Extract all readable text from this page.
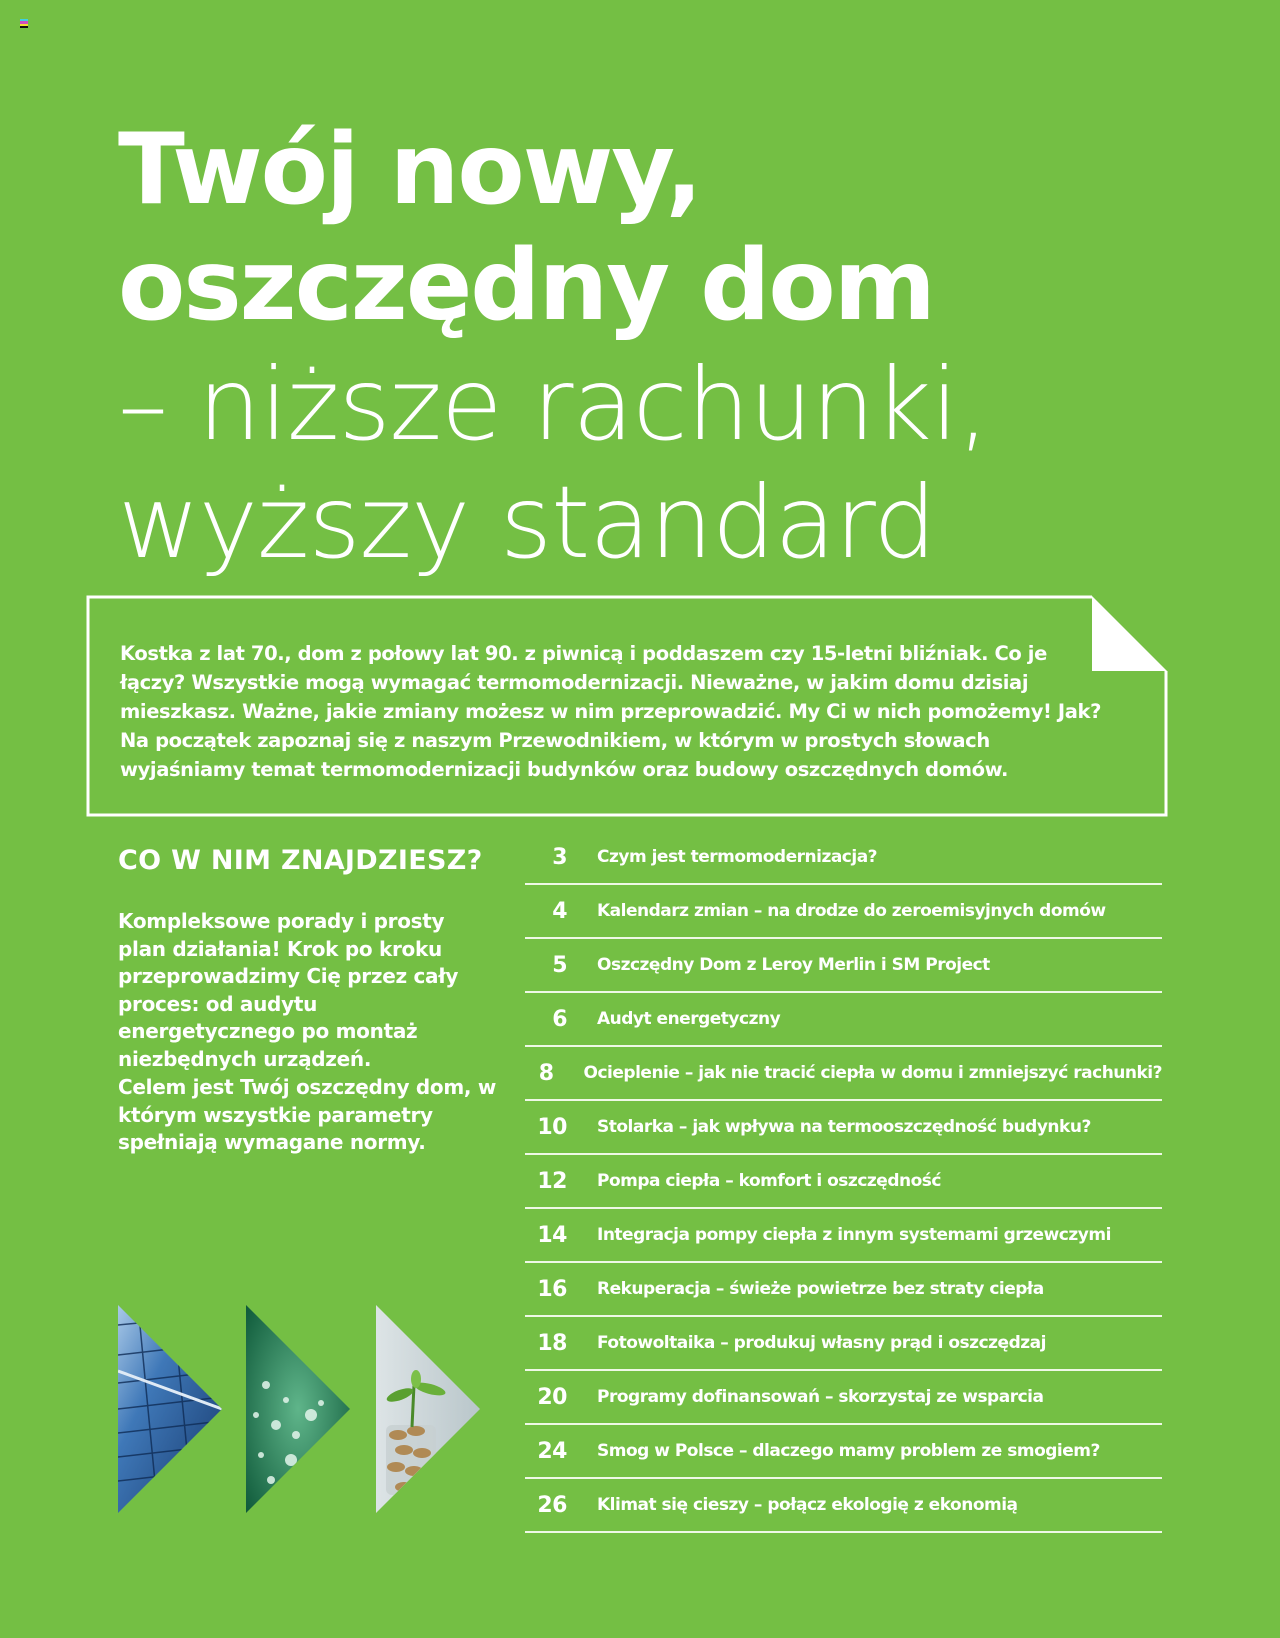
Twój nowy,
oszczędny dom
– niższe rachunki,
wyższy standard

Kostka z lat 70., dom z połowy lat 90. z piwnicą i poddaszem czy 15-letni bliźniak. Co je łączy? Wszystkie mogą wymagać termomodernizacji. Nieważne, w jakim domu dzisiaj mieszkasz. Ważne, jakie zmiany możesz w nim przeprowadzić. My Ci w nich pomożemy! Jak? Na początek zapoznaj się z naszym Przewodnikiem, w którym w prostych słowach wyjaśniamy temat termomodernizacji budynków oraz budowy oszczędnych domów.

CO W NIM ZNAJDZIESZ?

Kompleksowe porady i prosty plan działania! Krok po kroku przeprowadzimy Cię przez cały proces: od audytu energetycznego po montaż niezbędnych urządzeń.

Celem jest Twój oszczędny dom, w którym wszystkie parametry spełniają wymagane normy.

3 Czym jest termomodernizacja?
4 Kalendarz zmian – na drodze do zeroemisyjnych domów
5 Oszczędny Dom z Leroy Merlin i SM Project
6 Audyt energetyczny
8 Ocieplenie – jak nie tracić ciepła w domu i zmniejszyć rachunki?
10 Stolarka – jak wpływa na termooszczędność budynku?
12 Pompa ciepła – komfort i oszczędność
14 Integracja pompy ciepła z innym systemami grzewczymi
16 Rekuperacja – świeże powietrze bez straty ciepła
18 Fotowoltaika – produkuj własny prąd i oszczędzaj
20 Programy dofinansowań – skorzystaj ze wsparcia
24 Smog w Polsce – dlaczego mamy problem ze smogiem?
26 Klimat się cieszy – połącz ekologię z ekonomią
